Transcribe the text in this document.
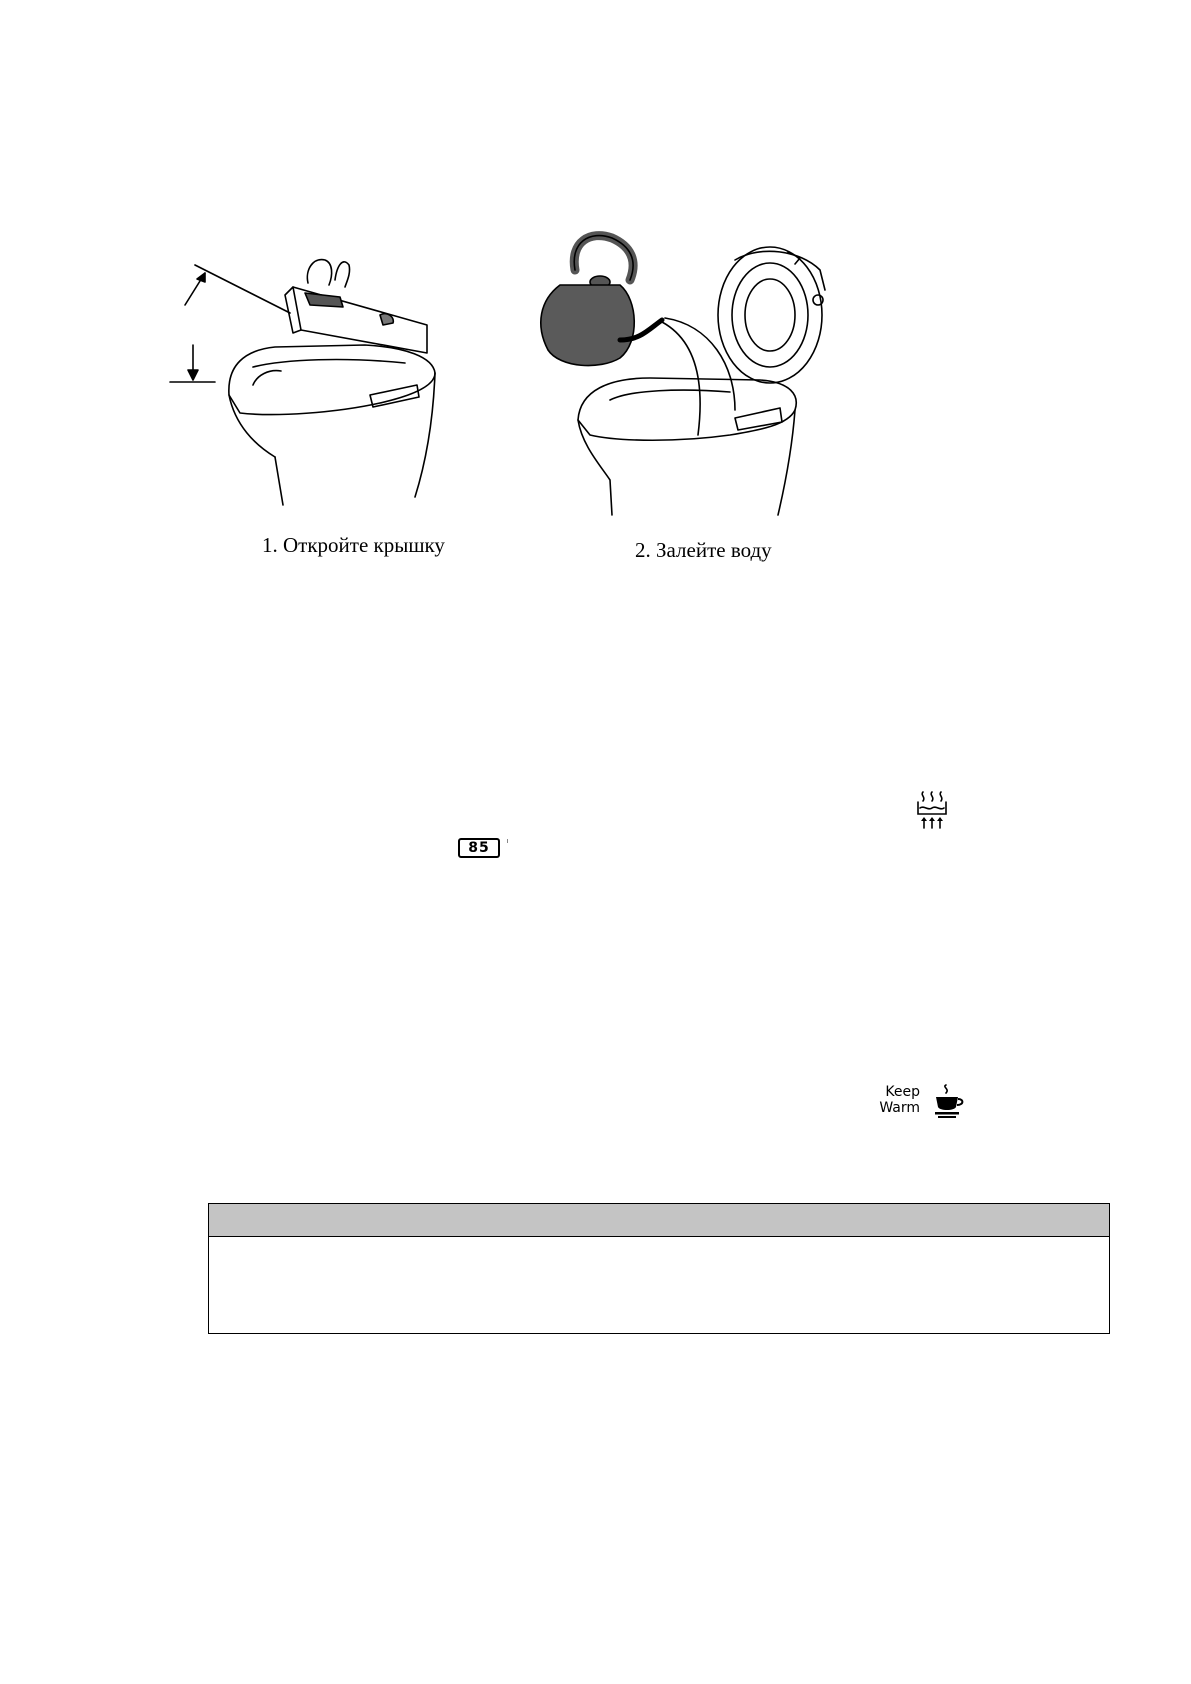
1. Откройте крышку	2. Залейте воду
85
Keep
Warm
